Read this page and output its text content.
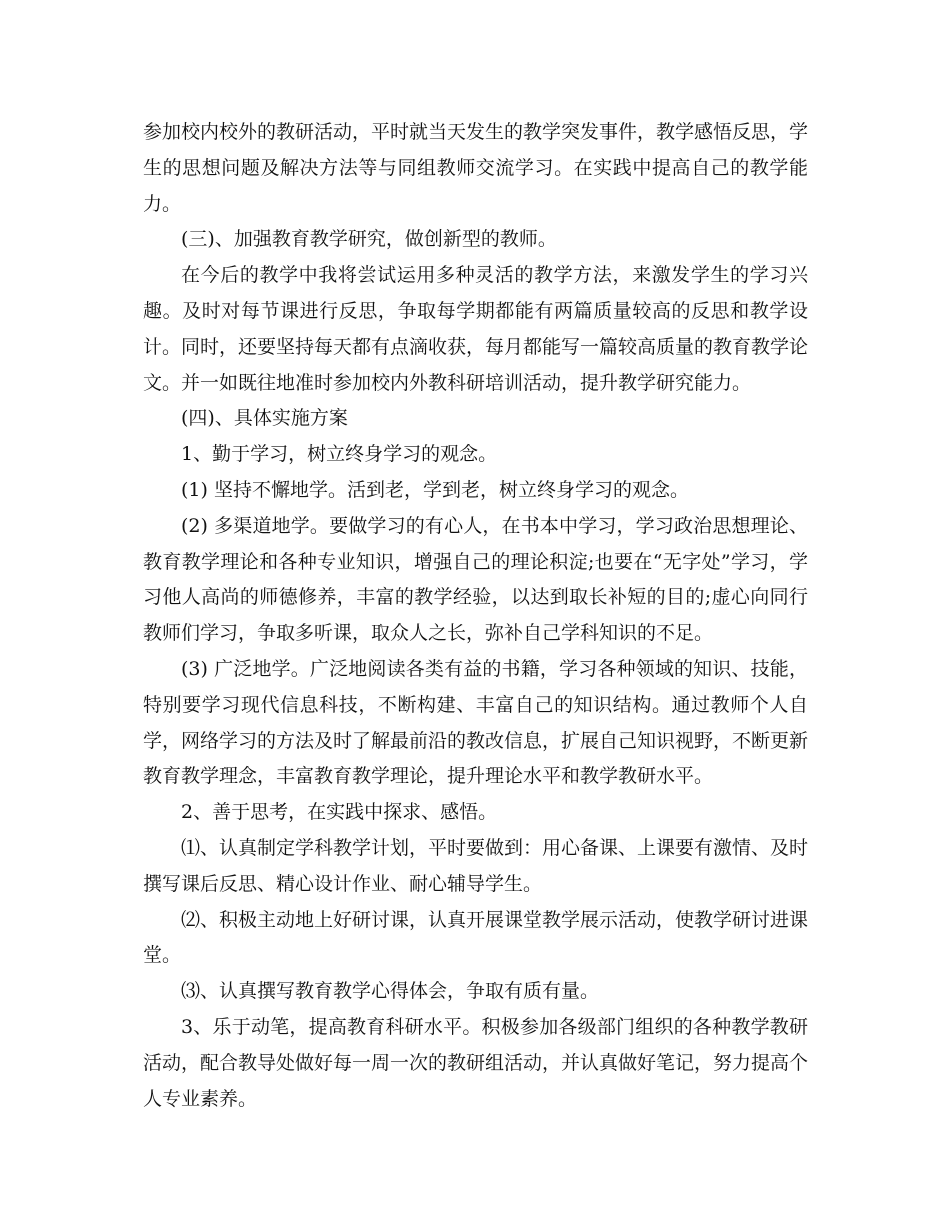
参加校内校外的教研活动，平时就当天发生的教学突发事件，教学感悟反思，学生的思想问题及解决方法等与同组教师交流学习。在实践中提高自己的教学能力。

(三)、加强教育教学研究，做创新型的教师。

在今后的教学中我将尝试运用多种灵活的教学方法，来激发学生的学习兴趣。及时对每节课进行反思，争取每学期都能有两篇质量较高的反思和教学设计。同时，还要坚持每天都有点滴收获，每月都能写一篇较高质量的教育教学论文。并一如既往地准时参加校内外教科研培训活动，提升教学研究能力。

(四)、具体实施方案

1、勤于学习，树立终身学习的观念。

(1) 坚持不懈地学。活到老，学到老，树立终身学习的观念。

(2) 多渠道地学。要做学习的有心人，在书本中学习，学习政治思想理论、教育教学理论和各种专业知识，增强自己的理论积淀;也要在“无字处”学习，学习他人高尚的师德修养，丰富的教学经验，以达到取长补短的目的;虚心向同行教师们学习，争取多听课，取众人之长，弥补自己学科知识的不足。

(3) 广泛地学。广泛地阅读各类有益的书籍，学习各种领域的知识、技能，特别要学习现代信息科技，不断构建、丰富自己的知识结构。通过教师个人自学，网络学习的方法及时了解最前沿的教改信息，扩展自己知识视野，不断更新教育教学理念，丰富教育教学理论，提升理论水平和教学教研水平。

2、善于思考，在实践中探求、感悟。

⑴、认真制定学科教学计划，平时要做到：用心备课、上课要有激情、及时撰写课后反思、精心设计作业、耐心辅导学生。

⑵、积极主动地上好研讨课，认真开展课堂教学展示活动，使教学研讨进课堂。

⑶、认真撰写教育教学心得体会，争取有质有量。

3、乐于动笔，提高教育科研水平。积极参加各级部门组织的各种教学教研活动，配合教导处做好每一周一次的教研组活动，并认真做好笔记，努力提高个人专业素养。
